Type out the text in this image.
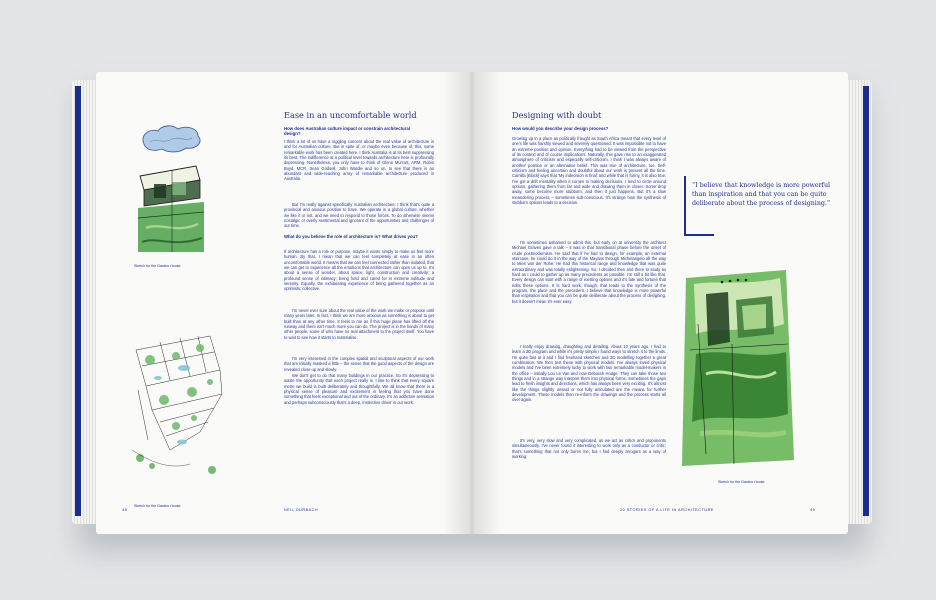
Sketch for the Garden House
Sketch for the Garden House
Ease in an uncomfortable world
How does Australian culture impact or constrain architectural design?
I think a lot of us have a niggling concern about the real value of architecture in and for Australian culture. But in spite of, or maybe even because of, this, some remarkable work has been created here. I think Australia is at its best suppressing its best. The indifference at a political level towards architecture here is profoundly depressing. Nonetheless, you only have to think of Glenn Murcutt, ARM, Robin Boyd, MCR, Sean Godsell, John Wardle and so on, to see that there is an abundant and wide-reaching array of remarkable architecture produced in Australia.
But I'm really against specifically Australian architecture. I think that's quite a provincial and anxious position to have. We operate in a global culture, whether we like it or not, and we need to respond to those forces. To do otherwise seems nostalgic or overly sentimental and ignorant of the opportunities and challenges of our time.
What do you believe the role of architecture is? What drives you?
If architecture has a role or purpose, maybe it exists simply to make us feel more human. By that, I mean that we can feel completely at ease in an often uncomfortable world. It means that we can feel connected rather than isolated, that we can get to experience all the emotions that architecture can open us up to. It's about a sense of wonder, about space, light, construction and creativity; a profound sense of intimacy; being held and cared for in extreme solitude and serenity. Equally, the exhilarating experience of being gathered together as an optimistic collective.
I'm never ever sure about the real value of the work we make or propose until many years later. In fact, I think we are more anxious as something is about to get built than at any other time. It feels to me as if this huge plane has lifted off the runway and there isn't much more you can do. The project is in the hands of many other people, some of who have no real attachment to the project itself. You have to wait to see how it starts to materialise.
I'm very interested in the complex spatial and sculptural aspects of our work that are initially masked a little – the sense that the good aspects of the design are revealed close up and slowly.
We don't get to do that many buildings in our practice. So it's depressing to waste the opportunity that each project really is. I like to think that every square metre we build is built deliberately and thoughtfully. We all know that there is a physical sense of pleasure and excitement in feeling that you have done something that feels exceptional and out of the ordinary. It's an addictive sensation and perhaps subconsciously that's a deep, instinctive driver in our work.
48	NEIL DURBACH
Designing with doubt
How would you describe your design process?
Growing up in a place as politically fraught as South Africa meant that every level of one's life was harshly viewed and severely questioned. It was impossible not to have an extreme position and opinion. Everything had to be viewed from the perspective of its context and of course implications. Naturally, this gave rise to an exaggerated atmosphere of criticism and especially self-criticism. I think I was always aware of another position or an alternative belief. This was true of architecture, too. Self-criticism and feeling uncertain and doubtful about our work is present all the time. Camilla [Block] says that 'My indecision is final' and while that is funny, it is also true. I've got a drift mentality when it comes to making decisions. I tend to circle around options, gathering them from far and wide and drawing them in closer. Some drop away, some become more stubborn, and then it just happens. But it's a slow meandering process – sometimes sub-conscious. It's strange how the synthesis of stubborn options leads to a decision.
I'm sometimes ashamed to admit this, but early on at university the architect Michael Graves gave a talk – it was in that transitional phase before the onset of crude postmodernism. He said that if he had to design, for example, an external staircase, he could do it in the way of the Mayans through Michelangelo all the way to Mies van der Rohe. He had this historical range and knowledge that was quite extraordinary and was totally enlightening. So, I decided then and there to study as hard as I could to gather up as many precedents as possible. I'm still a bit like that. Every design can start with a range of existing options and it's fate and fortune that edits these options. It is hard work, though, that leads to the synthesis of the program, the place and the precedent. I believe that knowledge is more powerful than inspiration and that you can be quite deliberate about the process of designing, but it doesn't mean it's ever easy.
I really enjoy drawing, draughting and detailing. About 10 years ago, I had to learn a 3D program and while it's pretty simple I found ways to stretch it to the limits. I'm quite fast at it and I find freehand sketches and 3D modelling together a great combination. We then test these with physical models. I've always loved physical models and I've been extremely lucky to work with two remarkable model-makers in the office – initially Lou Le Van and now Deborah Hodge. They can take those two things and in a strange way interpret them into physical forms. Sometimes the gaps lead to fresh insights and directions, which has always been very exciting. It's almost like the things slightly unsaid or not fully articulated are the means for further development. These models then re-inform the drawings and the process starts all over again.
It's very, very slow and very complicated, as we act as critics and proponents simultaneously. I've never found it interesting to work only as a conductor or critic; that's something that not only bores me, but I find deeply arrogant as a way of working.
“I believe that knowledge is more powerful than inspiration and that you can be quite deliberate about the process of designing.”
Sketch for the Garden House
20 STORIES OF A LIFE IN ARCHITECTURE	49
